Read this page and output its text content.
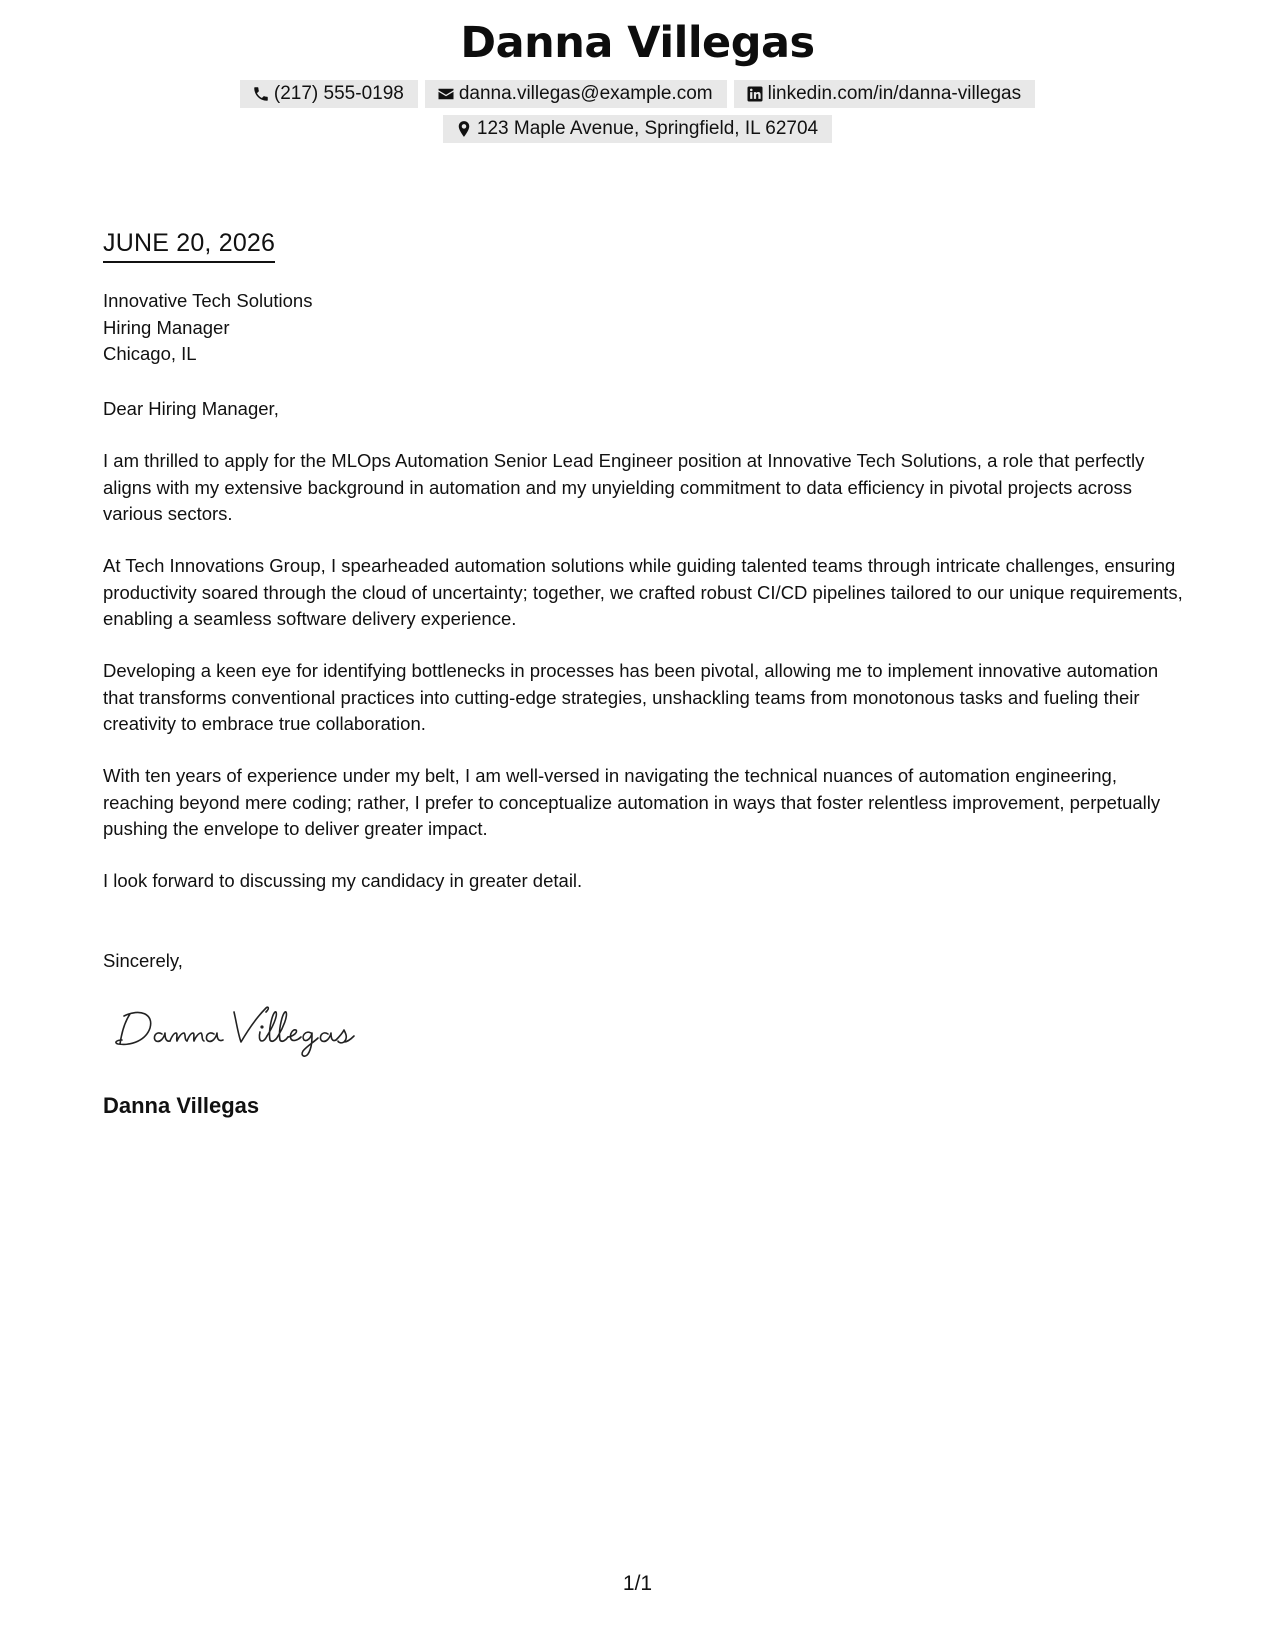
Danna Villegas
(217) 555-0198	danna.villegas@example.com	linkedin.com/in/danna-villegas
123 Maple Avenue, Springfield, IL 62704
JUNE 20, 2026
Innovative Tech Solutions
Hiring Manager
Chicago, IL

Dear Hiring Manager,

I am thrilled to apply for the MLOps Automation Senior Lead Engineer position at Innovative Tech Solutions, a role that perfectly aligns with my extensive background in automation and my unyielding commitment to data efficiency in pivotal projects across various sectors.

At Tech Innovations Group, I spearheaded automation solutions while guiding talented teams through intricate challenges, ensuring productivity soared through the cloud of uncertainty; together, we crafted robust CI/CD pipelines tailored to our unique requirements, enabling a seamless software delivery experience.

Developing a keen eye for identifying bottlenecks in processes has been pivotal, allowing me to implement innovative automation that transforms conventional practices into cutting-edge strategies, unshackling teams from monotonous tasks and fueling their creativity to embrace true collaboration.

With ten years of experience under my belt, I am well-versed in navigating the technical nuances of automation engineering, reaching beyond mere coding; rather, I prefer to conceptualize automation in ways that foster relentless improvement, perpetually pushing the envelope to deliver greater impact.

I look forward to discussing my candidacy in greater detail.

Sincerely,

Danna Villegas
1/1
